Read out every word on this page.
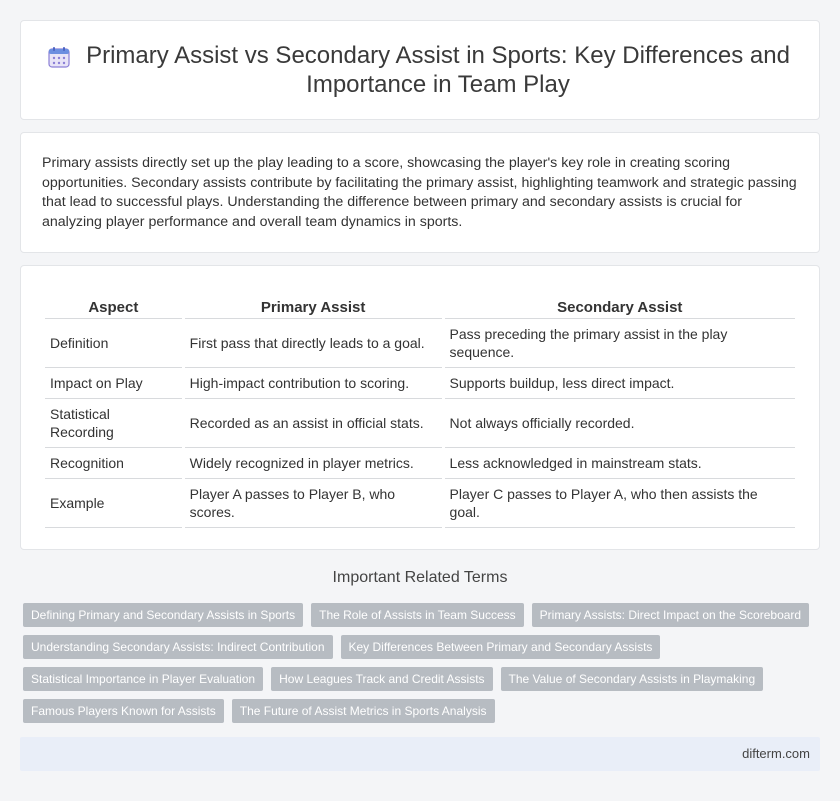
Primary Assist vs Secondary Assist in Sports: Key Differences and Importance in Team Play

Primary assists directly set up the play leading to a score, showcasing the player's key role in creating scoring opportunities. Secondary assists contribute by facilitating the primary assist, highlighting teamwork and strategic passing that lead to successful plays. Understanding the difference between primary and secondary assists is crucial for analyzing player performance and overall team dynamics in sports.

Aspect	Primary Assist	Secondary Assist
Definition	First pass that directly leads to a goal.	Pass preceding the primary assist in the play sequence.
Impact on Play	High-impact contribution to scoring.	Supports buildup, less direct impact.
Statistical Recording	Recorded as an assist in official stats.	Not always officially recorded.
Recognition	Widely recognized in player metrics.	Less acknowledged in mainstream stats.
Example	Player A passes to Player B, who scores.	Player C passes to Player A, who then assists the goal.
Important Related Terms
Defining Primary and Secondary Assists in Sports	The Role of Assists in Team Success	Primary Assists: Direct Impact on the Scoreboard
Understanding Secondary Assists: Indirect Contribution	Key Differences Between Primary and Secondary Assists
Statistical Importance in Player Evaluation	How Leagues Track and Credit Assists	The Value of Secondary Assists in Playmaking
Famous Players Known for Assists	The Future of Assist Metrics in Sports Analysis
difterm.com
